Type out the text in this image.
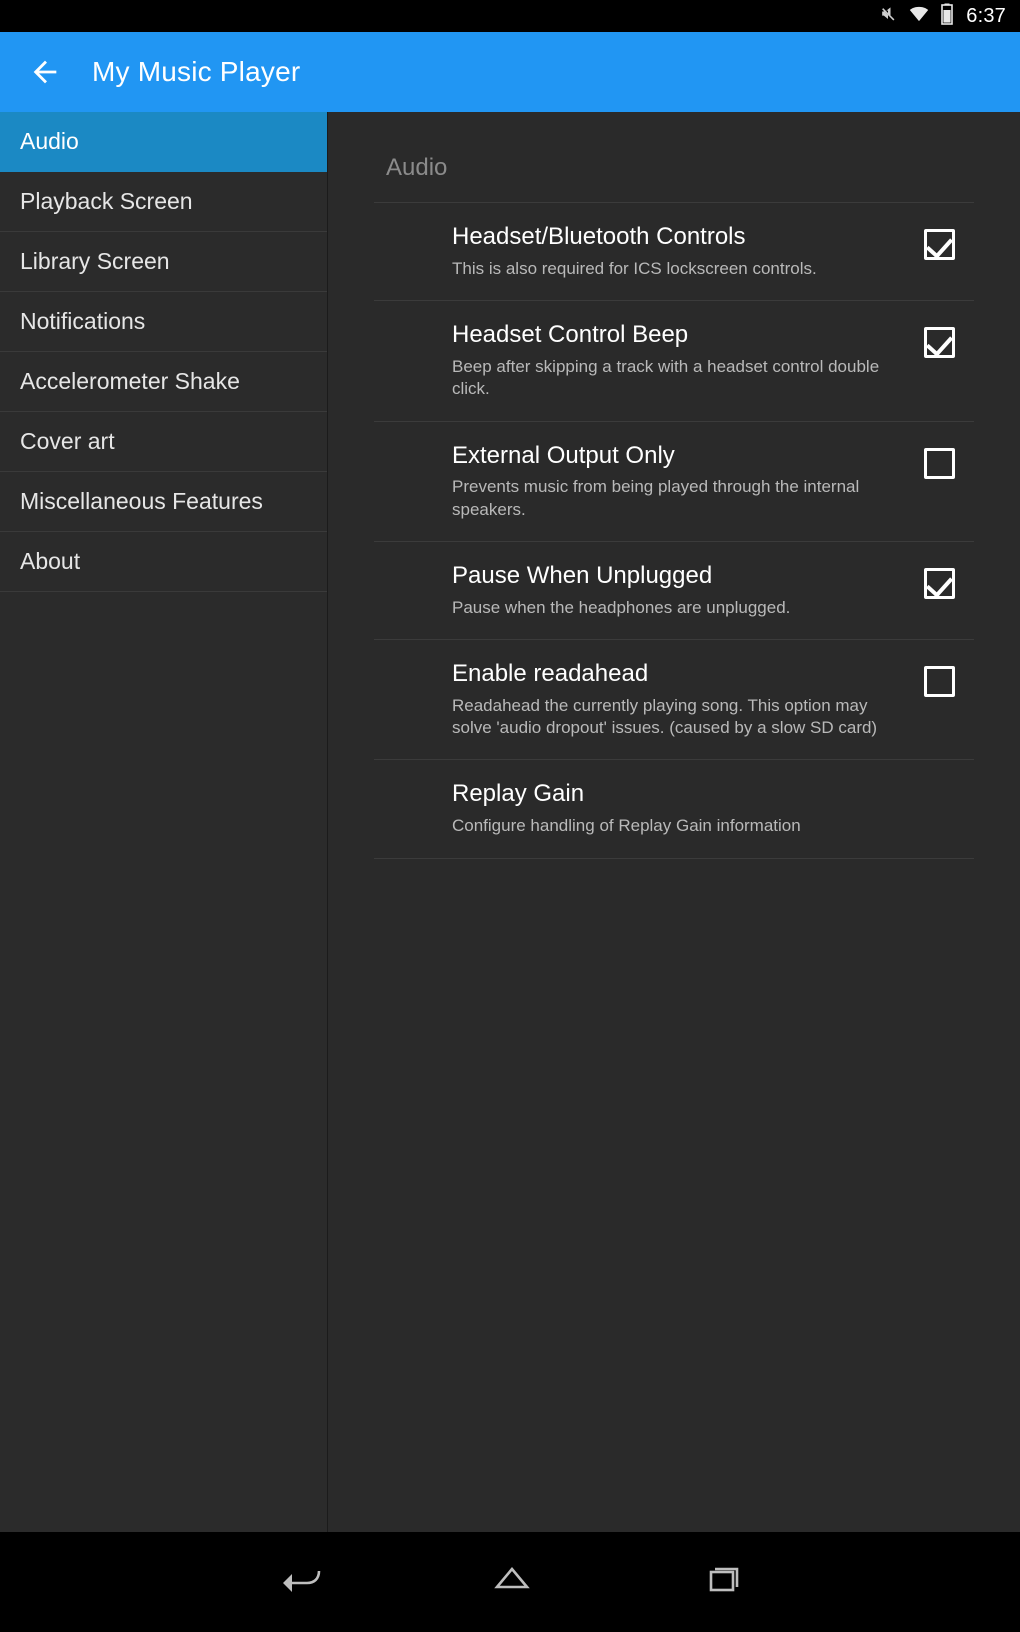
6:37
My Music Player
Audio
Playback Screen
Library Screen
Notifications
Accelerometer Shake
Cover art
Miscellaneous Features
About
Audio
Headset/Bluetooth Controls
This is also required for ICS lockscreen controls.
Headset Control Beep
Beep after skipping a track with a headset control double click.
External Output Only
Prevents music from being played through the internal speakers.
Pause When Unplugged
Pause when the headphones are unplugged.
Enable readahead
Readahead the currently playing song. This option may solve 'audio dropout' issues. (caused by a slow SD card)
Replay Gain
Configure handling of Replay Gain information
